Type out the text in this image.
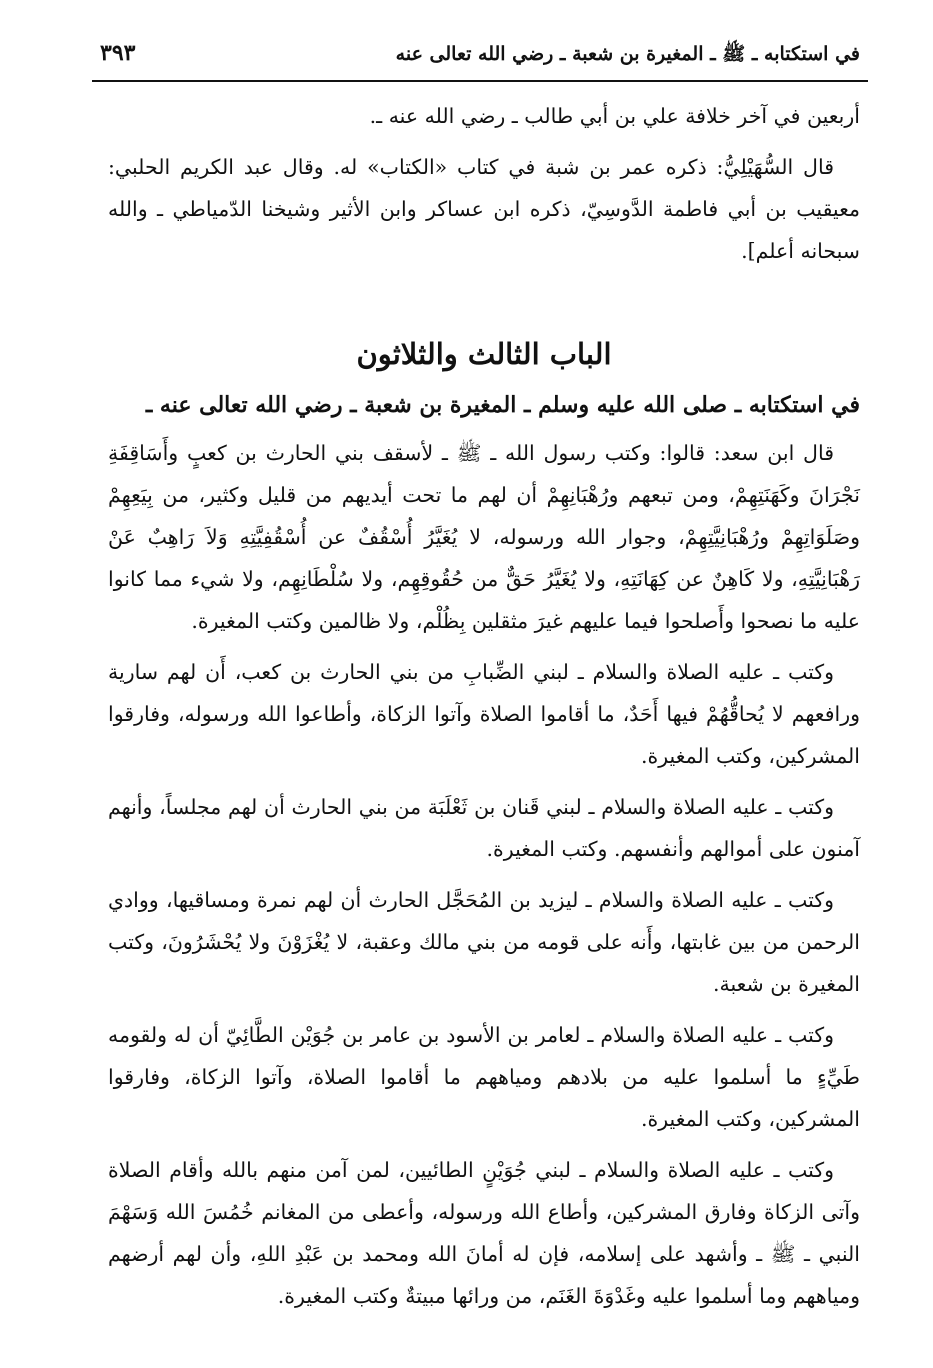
في استكتابه ـ ﷺ ـ المغيرة بن شعبة ـ رضي الله تعالى عنه
٣٩٣

أربعين في آخر خلافة علي بن أبي طالب ـ رضي الله عنه ـ.

قال السُّهَيْلِيُّ: ذكره عمر بن شبة في كتاب «الكتاب» له. وقال عبد الكريم الحلبي: معيقيب بن أبي فاطمة الدَّوسِيّ، ذكره ابن عساكر وابن الأثير وشيخنا الدّمياطي ـ والله سبحانه أعلم].

الباب الثالث والثلاثون
في استكتابه ـ صلى الله عليه وسلم ـ المغيرة بن شعبة ـ رضي الله تعالى عنه ـ

قال ابن سعد: قالوا: وكتب رسول الله ـ ﷺ ـ لأسقف بني الحارث بن كعبٍ وأَسَاقِفَةِ نَجْرَانَ وكَهَنَتِهِمْ، ومن تبعهم ورُهْبَانِهِمْ أن لهم ما تحت أيديهم من قليل وكثير، من بِيَعِهِمْ وصَلَوَاتِهِمْ ورُهْبَانِيَّتِهِمْ، وجوار الله ورسوله، لا يُغَيَّرُ أُسْقُفٌ عن أُسْقُفِيَّتِهِ وَلاَ رَاهِبٌ عَنْ رَهْبَانِيَّتِهِ، ولا كَاهِنٌ عن كِهَانَتِهِ، ولا يُغَيَّرُ حَقٌّ من حُقُوقِهِم، ولا سُلْطَانِهِم، ولا شيء مما كانوا عليه ما نصحوا وأَصلحوا فيما عليهم غيرَ مثقلين بِظُلْم، ولا ظالمين وكتب المغيرة.

وكتب ـ عليه الصلاة والسلام ـ لبني الضِّبابِ من بني الحارث بن كعب، أَن لهم سارية ورافعهم لا يُحاقُّهُمْ فيها أَحَدٌ، ما أقاموا الصلاة وآتوا الزكاة، وأطاعوا الله ورسوله، وفارقوا المشركين، وكتب المغيرة.

وكتب ـ عليه الصلاة والسلام ـ لبني قَنان بن ثَعْلَبَة من بني الحارث أن لهم مجلساً، وأنهم آمنون على أموالهم وأنفسهم. وكتب المغيرة.

وكتب ـ عليه الصلاة والسلام ـ ليزيد بن المُحَجَّل الحارث أن لهم نمرة ومساقيها، ووادي الرحمن من بين غابتها، وأَنه على قومه من بني مالك وعقبة، لا يُغْزَوْنَ ولا يُحْشَرُونَ، وكتب المغيرة بن شعبة.

وكتب ـ عليه الصلاة والسلام ـ لعامر بن الأسود بن عامر بن جُوَيْن الطَّائِيّ أن له ولقومه طَيِّءٍ ما أسلموا عليه من بلادهم ومياههم ما أقاموا الصلاة، وآتوا الزكاة، وفارقوا المشركين، وكتب المغيرة.

وكتب ـ عليه الصلاة والسلام ـ لبني جُوَيْنٍ الطائيين، لمن آمن منهم بالله وأقام الصلاة وآتى الزكاة وفارق المشركين، وأطاع الله ورسوله، وأعطى من المغانم خُمُسَ الله وَسَهْمَ النبي ـ ﷺ ـ وأشهد على إسلامه، فإن له أمانَ الله ومحمد بن عَبْدِ اللهِ، وأن لهم أرضهم ومياههم وما أسلموا عليه وغَدْوَةَ الغَنَم، من ورائها مبيتةٌ وكتب المغيرة.
